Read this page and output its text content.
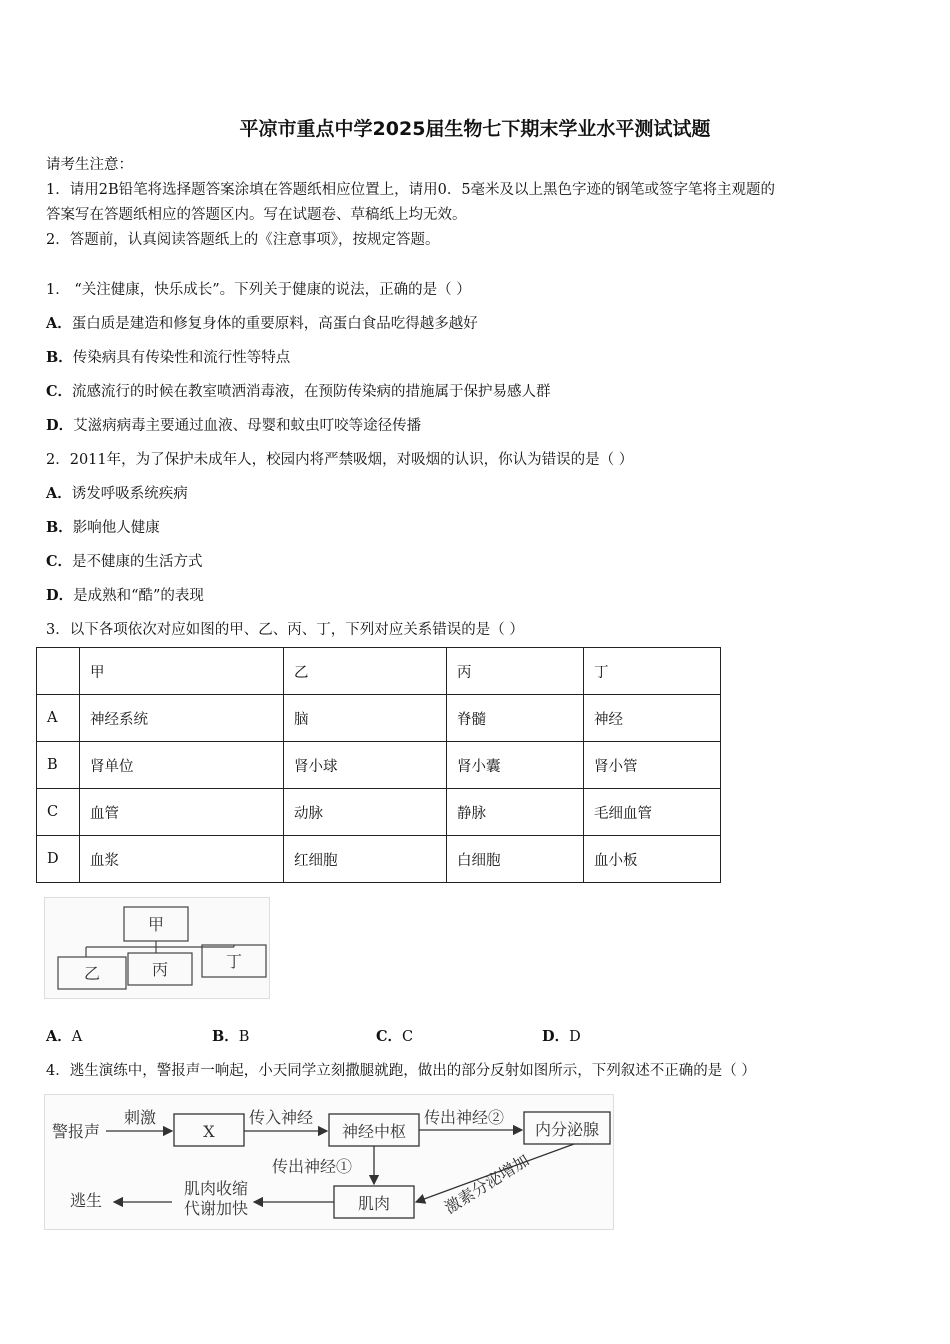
平凉市重点中学2025届生物七下期末学业水平测试试题
请考生注意：
1．请用2B铅笔将选择题答案涂填在答题纸相应位置上，请用0．5毫米及以上黑色字迹的钢笔或签字笔将主观题的
答案写在答题纸相应的答题区内。写在试题卷、草稿纸上均无效。
2．答题前，认真阅读答题纸上的《注意事项》，按规定答题。
1． “关注健康，快乐成长”。下列关于健康的说法，正确的是（ ）
A．蛋白质是建造和修复身体的重要原料，高蛋白食品吃得越多越好
B．传染病具有传染性和流行性等特点
C．流感流行的时候在教室喷洒消毒液，在预防传染病的措施属于保护易感人群
D．艾滋病病毒主要通过血液、母婴和蚊虫叮咬等途径传播
2．2011年，为了保护未成年人，校园内将严禁吸烟，对吸烟的认识，你认为错误的是（ ）
A．诱发呼吸系统疾病
B．影响他人健康
C．是不健康的生活方式
D．是成熟和“酷”的表现
3．以下各项依次对应如图的甲、乙、丙、丁，下列对应关系错误的是（ ）
	甲	乙	丙	丁
A	神经系统	脑	脊髓	神经
B	肾单位	肾小球	肾小囊	肾小管
C	血管	动脉	静脉	毛细血管
D	血浆	红细胞	白细胞	血小板
甲
乙	丙	丁
A．A	B．B	C．C	D．D
4．逃生演练中，警报声一响起，小天同学立刻撒腿就跑，做出的部分反射如图所示，下列叙述不正确的是（ ）
警报声
刺激	传入神经	传出神经②
传出神经①
肌肉收缩
代谢加快
逃生	激素分泌增加
X	神经中枢	内分泌腺
肌肉
